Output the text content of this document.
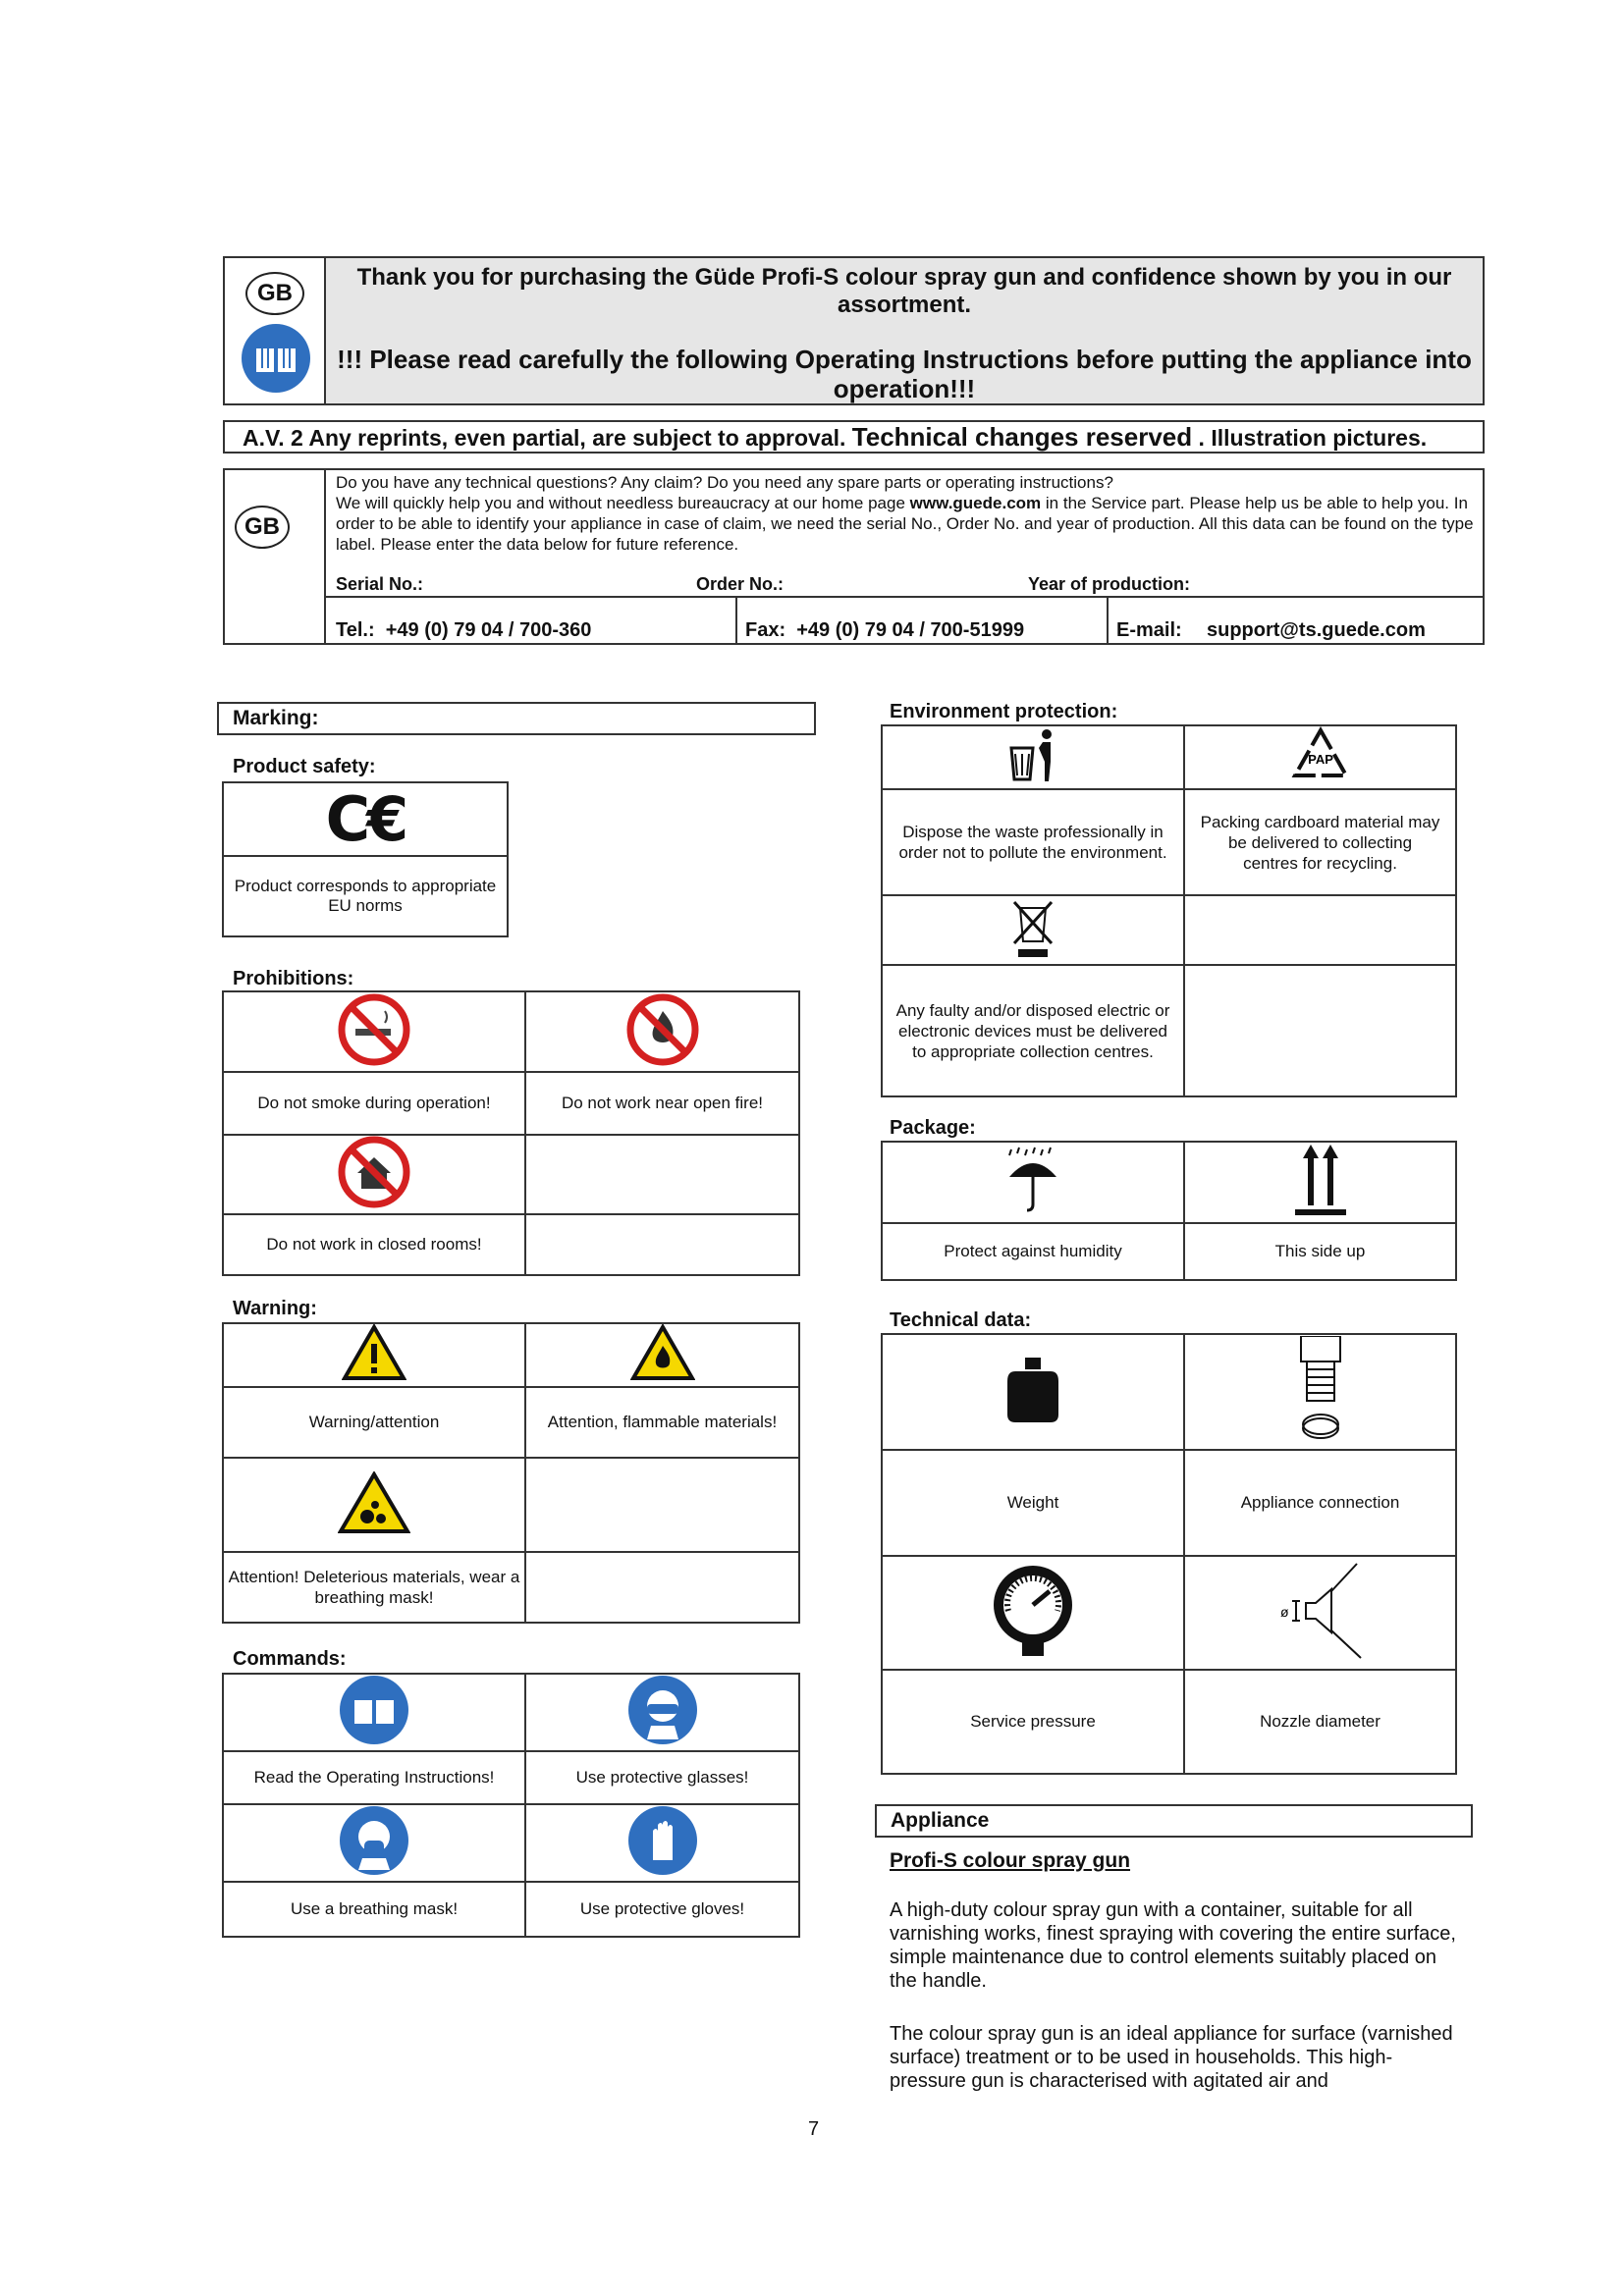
GB
Thank you for purchasing the Güde Profi-S colour spray gun and confidence shown by you in our assortment.
!!! Please read carefully the following Operating Instructions before putting the appliance into operation!!!
A.V. 2 Any reprints, even partial, are subject to approval. Technical changes reserved . Illustration pictures.
GB
Do you have any technical questions? Any claim? Do you need any spare parts or operating instructions?
We will quickly help you and without needless bureaucracy at our home page www.guede.com in the Service part. Please help us be able to help you. In order to be able to identify your appliance in case of claim, we need the serial No., Order No. and year of production. All this data can be found on the type label. Please enter the data below for future reference.
Serial No.:	Order No.:	Year of production:
Tel.:  +49 (0) 79 04 / 700-360	Fax:  +49 (0) 79 04 / 700-51999	E-mail: support@ts.guede.com
Marking:
Product safety:
C€
Product corresponds to appropriate EU norms
Prohibitions:

Do not smoke during operation!	Do not work near open fire!

Do not work in closed rooms!	
Warning:

Warning/attention	Attention, flammable materials!

Attention! Deleterious materials, wear a breathing mask!	
Commands:

Read the Operating Instructions!	Use protective glasses!

Use a breathing mask!	Use protective gloves!
Environment protection:

PAP

Dispose the waste professionally in order not to pollute the environment.	Packing cardboard material may be delivered to collecting centres for recycling.

Any faulty and/or disposed electric or electronic devices must be delivered to appropriate collection centres.	
Package:

Protect against humidity	This side up
Technical data:

Weight	Appliance connection

ø

Service pressure	Nozzle diameter
Appliance
Profi-S colour spray gun
A high-duty colour spray gun with a container, suitable for all varnishing works, finest spraying with covering the entire surface, simple maintenance due to control elements suitably placed on the handle.
The colour spray gun is an ideal appliance for surface (varnished surface) treatment or to be used in households. This high-pressure gun is characterised with agitated air and
7
